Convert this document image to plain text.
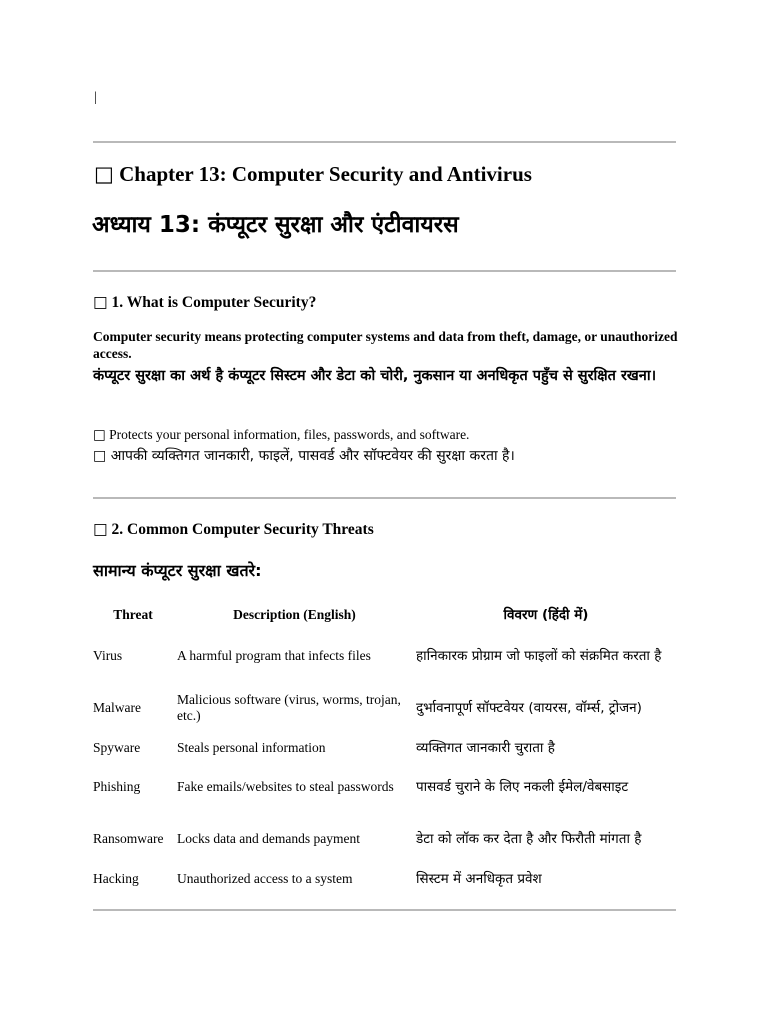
|
□ Chapter 13: Computer Security and Antivirus
अध्याय 13: कंप्यूटर सुरक्षा और एंटीवायरस
□ 1. What is Computer Security?
Computer security means protecting computer systems and data from theft, damage, or unauthorized access.
कंप्यूटर सुरक्षा का अर्थ है कंप्यूटर सिस्टम और डेटा को चोरी, नुकसान या अनधिकृत पहुँच से सुरक्षित रखना।
□ Protects your personal information, files, passwords, and software.
□ आपकी व्यक्तिगत जानकारी, फाइलें, पासवर्ड और सॉफ्टवेयर की सुरक्षा करता है।
□ 2. Common Computer Security Threats
सामान्य कंप्यूटर सुरक्षा खतरे:
Threat	Description (English)	विवरण (हिंदी में)
Virus	A harmful program that infects files	हानिकारक प्रोग्राम जो फाइलों को संक्रमित करता है
Malware	Malicious software (virus, worms, trojan, etc.)	दुर्भावनापूर्ण सॉफ्टवेयर (वायरस, वॉर्म्स, ट्रोजन)
Spyware	Steals personal information	व्यक्तिगत जानकारी चुराता है
Phishing	Fake emails/websites to steal passwords	पासवर्ड चुराने के लिए नकली ईमेल/वेबसाइट
Ransomware	Locks data and demands payment	डेटा को लॉक कर देता है और फिरौती मांगता है
Hacking	Unauthorized access to a system	सिस्टम में अनधिकृत प्रवेश
